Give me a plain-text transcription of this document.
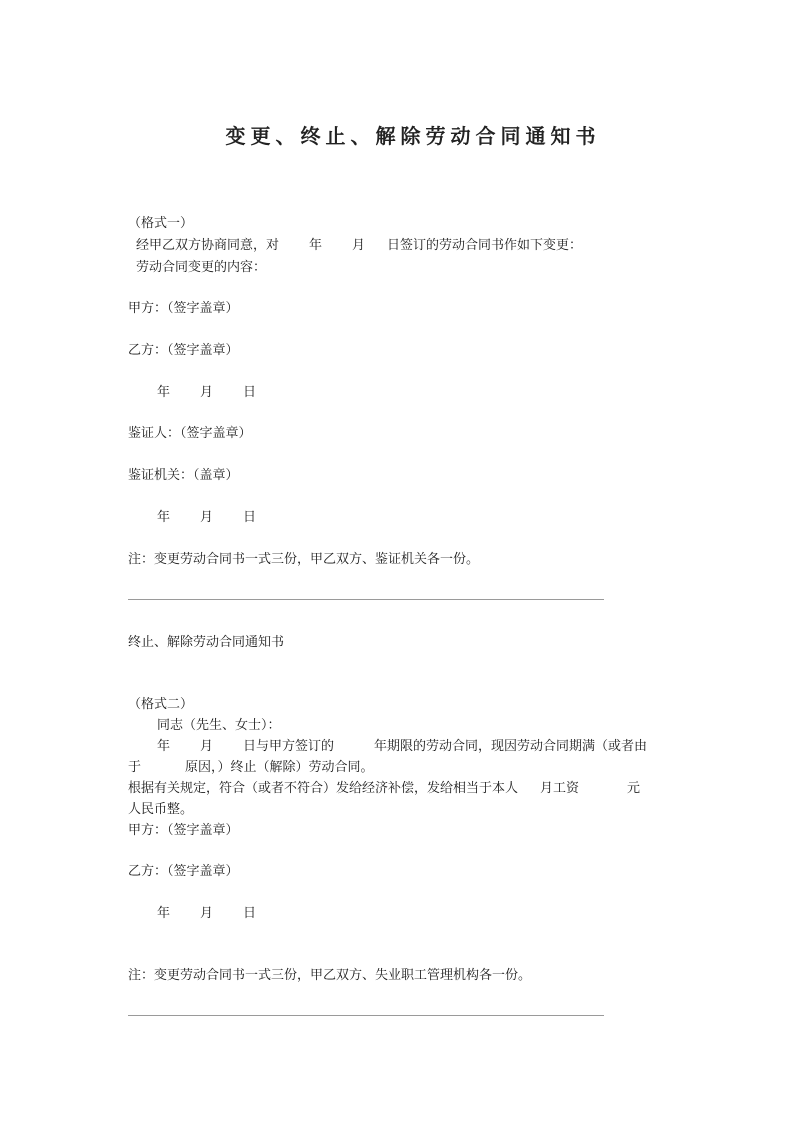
变更、终止、解除劳动合同通知书
（格式一）
经甲乙双方协商同意，对 年 月 日签订的劳动合同书作如下变更：
劳动合同变更的内容：
甲方：（签字盖章）
乙方：（签字盖章）
年 月 日
鉴证人：（签字盖章）
鉴证机关：（盖章）
年 月 日
注：变更劳动合同书一式三份，甲乙双方、鉴证机关各一份。
终止、解除劳动合同通知书
（格式二）
同志（先生、女士）：
年 月 日与甲方签订的	年期限的劳动合同，现因劳动合同期满（或者由
于	原因，）终止（解除）劳动合同。
根据有关规定，符合（或者不符合）发给经济补偿，发给相当于本人 月工资	元
人民币整。
甲方：（签字盖章）
乙方：（签字盖章）
年 月 日
注：变更劳动合同书一式三份，甲乙双方、失业职工管理机构各一份。
